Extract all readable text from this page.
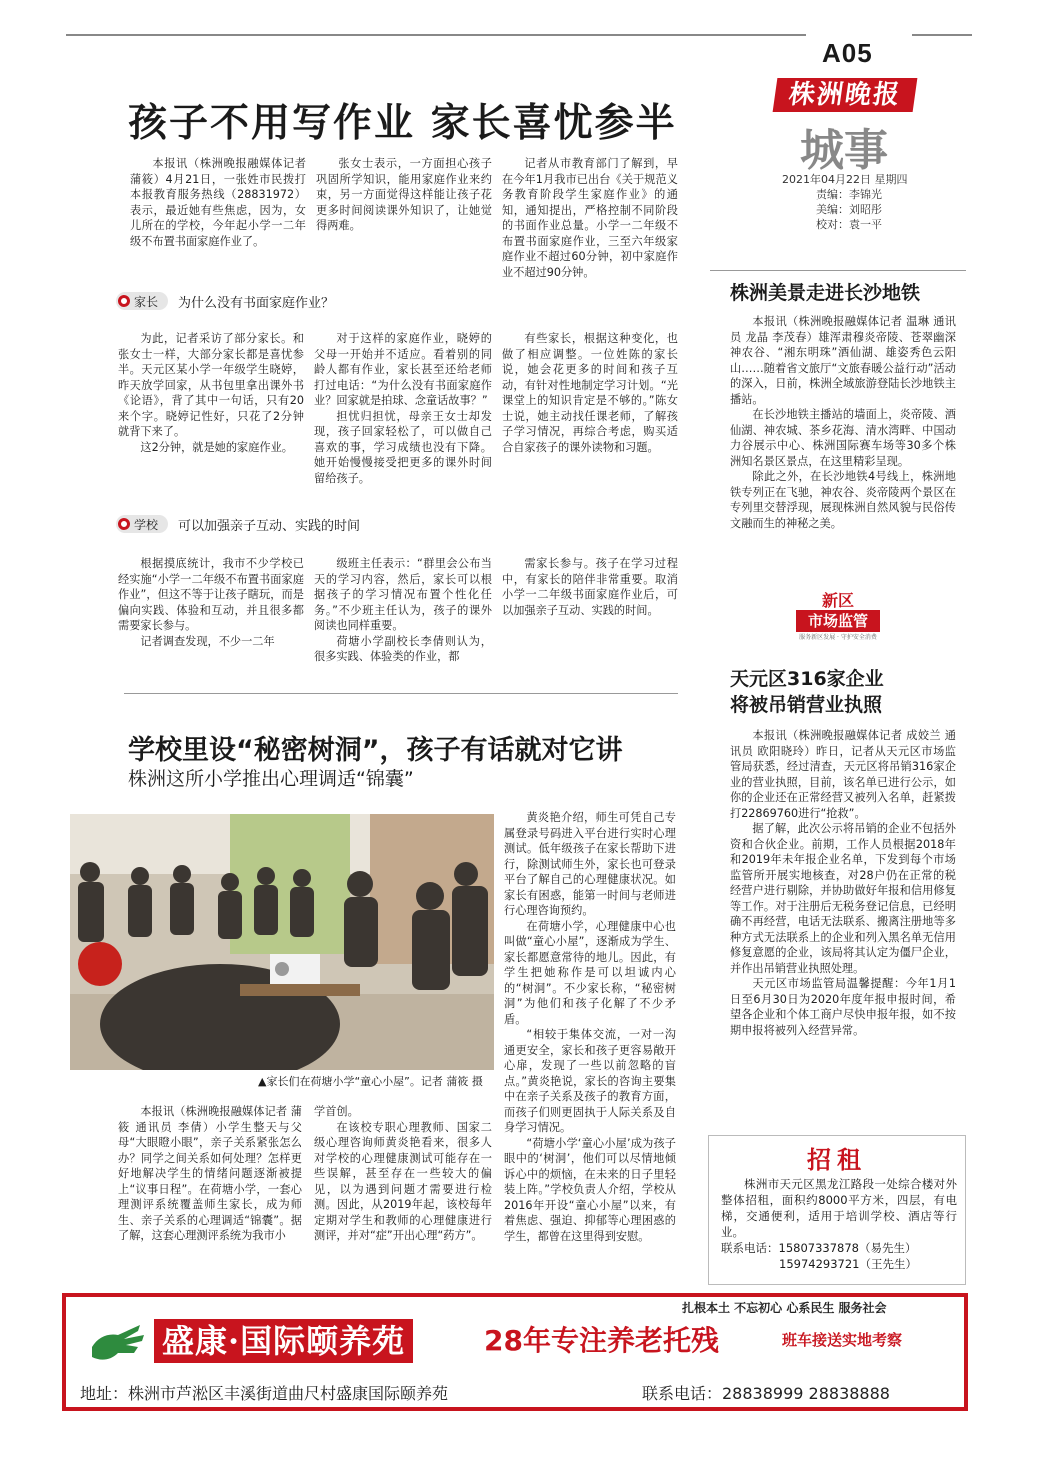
A05
株洲晚报
城事
2021年04月22日 星期四
责编：李锦光
美编：刘昭彤
校对：袁一平
孩子不用写作业 家长喜忧参半

本报讯（株洲晚报融媒体记者 蒲筱）4月21日，一张姓市民拨打本报教育服务热线（28831972）表示，最近她有些焦虑，因为，女儿所在的学校，今年起小学一二年级不布置书面家庭作业了。

张女士表示，一方面担心孩子巩固所学知识，能用家庭作业来约束，另一方面觉得这样能让孩子花更多时间阅读课外知识了，让她觉得两难。

记者从市教育部门了解到，早在今年1月我市已出台《关于规范义务教育阶段学生家庭作业》的通知，通知提出，严格控制不同阶段的书面作业总量。小学一二年级不布置书面家庭作业，三至六年级家庭作业不超过60分钟，初中家庭作业不超过90分钟。

家长 为什么没有书面家庭作业？

为此，记者采访了部分家长。和张女士一样，大部分家长都是喜忧参半。天元区某小学一年级学生晓婷，昨天放学回家，从书包里拿出课外书《论语》，背了其中一句话，只有20来个字。晓婷记性好，只花了2分钟就背下来了。

这2分钟，就是她的家庭作业。

对于这样的家庭作业，晓婷的父母一开始并不适应。看着别的同龄人都有作业，家长甚至还给老师打过电话：“为什么没有书面家庭作业？回家就是拍球、念童话故事？”

担忧归担忧，母亲王女士却发现，孩子回家轻松了，可以做自己喜欢的事，学习成绩也没有下降。她开始慢慢接受把更多的课外时间留给孩子。

有些家长，根据这种变化，也做了相应调整。一位姓陈的家长说，她会花更多的时间和孩子互动，有针对性地制定学习计划。“光课堂上的知识肯定是不够的。”陈女士说，她主动找任课老师，了解孩子学习情况，再综合考虑，购买适合自家孩子的课外读物和习题。

学校 可以加强亲子互动、实践的时间

根据摸底统计，我市不少学校已经实施“小学一二年级不布置书面家庭作业”，但这不等于让孩子瞎玩，而是偏向实践、体验和互动，并且很多都需要家长参与。

记者调查发现，不少一二年

级班主任表示：“群里会公布当天的学习内容，然后，家长可以根据孩子的学习情况布置个性化任务。”不少班主任认为，孩子的课外阅读也同样重要。

荷塘小学副校长李倩则认为，很多实践、体验类的作业，都

需家长参与。孩子在学习过程中，有家长的陪伴非常重要。取消小学一二年级书面家庭作业后，可以加强亲子互动、实践的时间。

学校里设“秘密树洞”，孩子有话就对它讲
株洲这所小学推出心理调适“锦囊”
▲家长们在荷塘小学“童心小屋”。记者 蒲筱 摄

黄炎艳介绍，师生可凭自己专属登录号码进入平台进行实时心理测试。低年级孩子在家长帮助下进行，除测试师生外，家长也可登录平台了解自己的心理健康状况。如家长有困惑，能第一时间与老师进行心理咨询预约。

在荷塘小学，心理健康中心也叫做“童心小屋”，逐渐成为学生、家长都愿意常待的地儿。因此，有学生把她称作是可以坦诚内心的“树洞”。不少家长称，“秘密树洞”为他们和孩子化解了不少矛盾。

“相较于集体交流，一对一沟通更安全，家长和孩子更容易敞开心扉，发现了一些以前忽略的盲点。”黄炎艳说，家长的咨询主要集中在亲子关系及孩子的教育方面，而孩子们则更固执于人际关系及自身学习情况。

“荷塘小学‘童心小屋’成为孩子眼中的‘树洞’，他们可以尽情地倾诉心中的烦恼，在未来的日子里轻装上阵。”学校负责人介绍，学校从2016年开设“童心小屋”以来，有着焦虑、强迫、抑郁等心理困惑的学生，都曾在这里得到安慰。

本报讯（株洲晚报融媒体记者 蒲筱 通讯员 李倩）小学生整天与父母“大眼瞪小眼”，亲子关系紧张怎么办？同学之间关系如何处理？怎样更好地解决学生的情绪问题逐渐被提上“议事日程”。在荷塘小学，一套心理测评系统覆盖师生家长，成为师生、亲子关系的心理调适“锦囊”。据了解，这套心理测评系统为我市小

学首创。

在该校专职心理教师、国家二级心理咨询师黄炎艳看来，很多人对学校的心理健康测试可能存在一些误解，甚至存在一些较大的偏见，以为遇到问题才需要进行检测。因此，从2019年起，该校每年定期对学生和教师的心理健康进行测评，并对“症”开出心理“药方”。

株洲美景走进长沙地铁

本报讯（株洲晚报融媒体记者 温琳 通讯员 龙晶 李茂春）雄浑肃穆炎帝陵、苍翠幽深神农谷、“湘东明珠”酒仙湖、雄姿秀色云阳山……随着省文旅厅“文旅春暖公益行动”活动的深入，日前，株洲全域旅游登陆长沙地铁主播站。

在长沙地铁主播站的墙面上，炎帝陵、酒仙湖、神农城、茶乡花海、清水湾畔、中国动力谷展示中心、株洲国际赛车场等30多个株洲知名景区景点，在这里精彩呈现。

除此之外，在长沙地铁4号线上，株洲地铁专列正在飞驰，神农谷、炎帝陵两个景区在专列里交替浮现，展现株洲自然风貌与民俗传文融而生的神秘之美。

新区
市场监管
服务新区发展 · 守护安全消费
天元区316家企业
将被吊销营业执照

本报讯（株洲晚报融媒体记者 成姣兰 通讯员 欧阳晓玲）昨日，记者从天元区市场监管局获悉，经过清查，天元区将吊销316家企业的营业执照，目前，该名单已进行公示，如你的企业还在正常经营又被列入名单，赶紧拨打22869760进行“抢救”。

据了解，此次公示将吊销的企业不包括外资和合伙企业。前期，工作人员根据2018年和2019年未年报企业名单，下发到每个市场监管所开展实地核查，对28户仍在正常的税经营户进行剔除，并协助做好年报和信用修复等工作。对于注册后无税务登记信息，已经明确不再经营，电话无法联系、搬离注册地等多种方式无法联系上的企业和列入黑名单无信用修复意愿的企业，该局将其认定为僵尸企业，并作出吊销营业执照处理。

天元区市场监管局温馨提醒：今年1月1日至6月30日为2020年度年报申报时间，希望各企业和个体工商户尽快申报年报，如不按期申报将被列入经营异常。

招租

株洲市天元区黑龙江路段一处综合楼对外整体招租，面积约8000平方米，四层，有电梯，交通便利，适用于培训学校、酒店等行业。

联系电话：15807337878（易先生）
15974293721（王先生）
扎根本土 不忘初心 心系民生 服务社会
盛康·国际颐养苑	28年专注养老托残	班车接送实地考察
地址：株洲市芦淞区丰溪街道曲尺村盛康国际颐养苑	联系电话：28838999 28838888
